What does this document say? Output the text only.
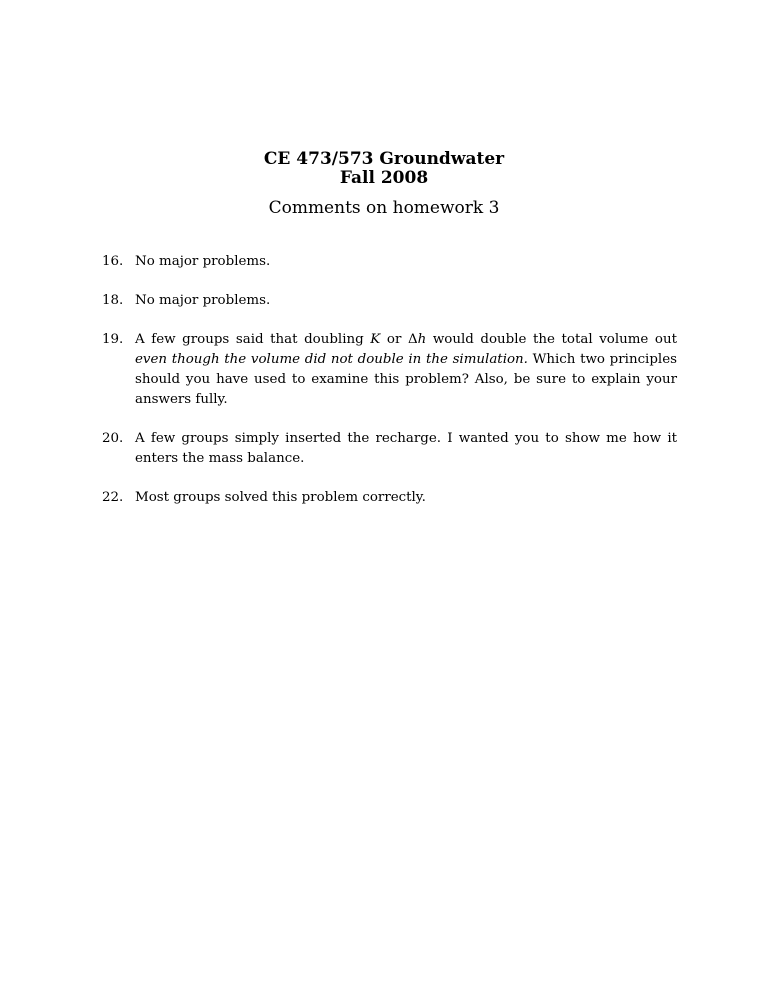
CE 473/573 Groundwater
Fall 2008
Comments on homework 3
16. No major problems.
18. No major problems.
19. A few groups said that doubling K or Δh would double the total volume out even though the volume did not double in the simulation. Which two principles should you have used to examine this problem? Also, be sure to explain your answers fully.
20. A few groups simply inserted the recharge. I wanted you to show me how it enters the mass balance.
22. Most groups solved this problem correctly.
